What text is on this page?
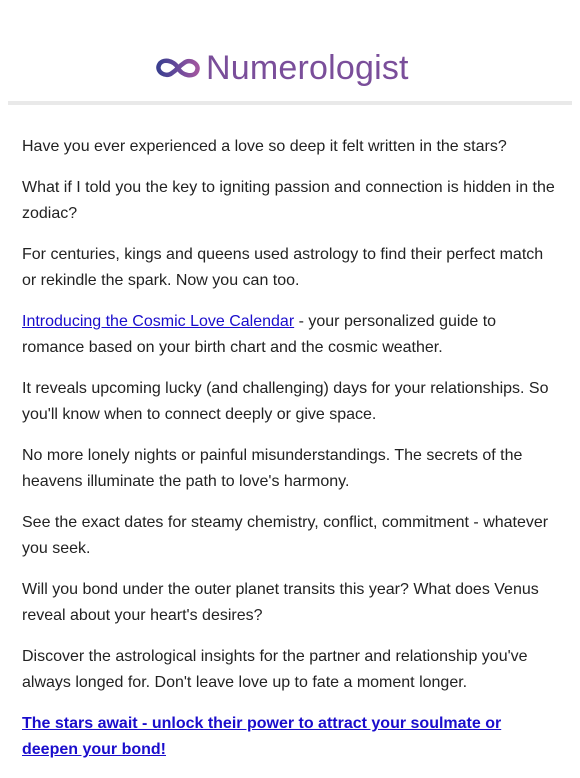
Numerologist

Have you ever experienced a love so deep it felt written in the stars?

What if I told you the key to igniting passion and connection is hidden in the zodiac?

For centuries, kings and queens used astrology to find their perfect match or rekindle the spark. Now you can too.

Introducing the Cosmic Love Calendar - your personalized guide to romance based on your birth chart and the cosmic weather.

It reveals upcoming lucky (and challenging) days for your relationships. So you'll know when to connect deeply or give space.

No more lonely nights or painful misunderstandings. The secrets of the heavens illuminate the path to love's harmony.

See the exact dates for steamy chemistry, conflict, commitment - whatever you seek.

Will you bond under the outer planet transits this year? What does Venus reveal about your heart's desires?

Discover the astrological insights for the partner and relationship you've always longed for. Don't leave love up to fate a moment longer.

The stars await - unlock their power to attract your soulmate or deepen your bond!
